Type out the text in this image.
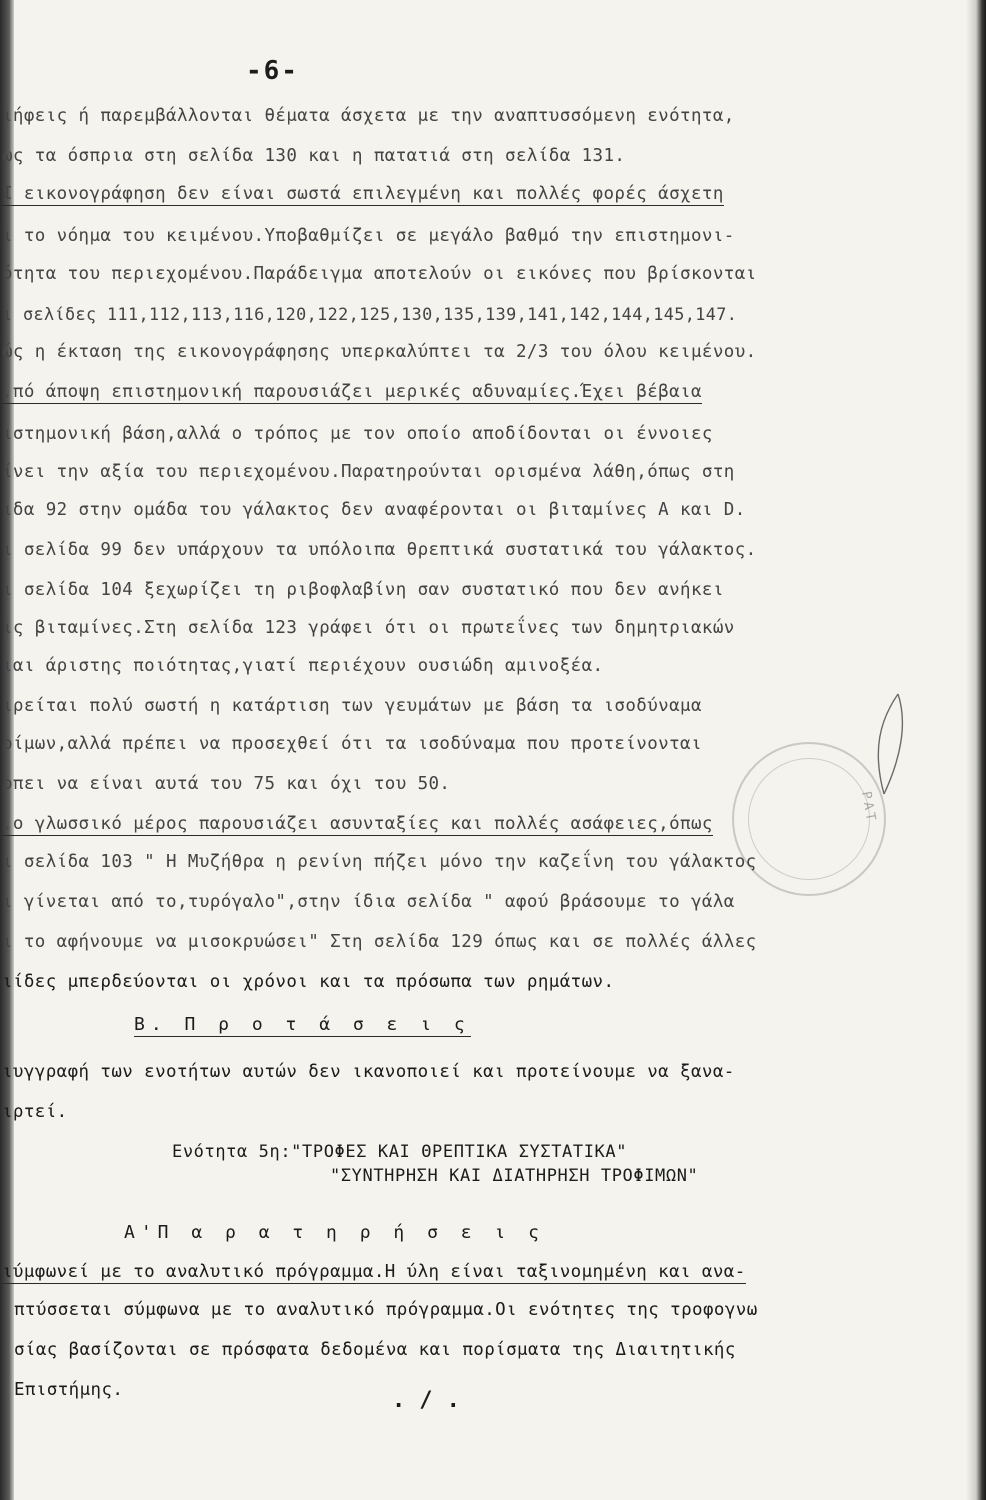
-6-
ΡΑΤ
ιήφεις ή παρεμβάλλονται θέματα άσχετα με την αναπτυσσόμενη ενότητα,
ως τα όσπρια στη σελίδα 130 και η πατατιά στη σελίδα 131.
Ι εικονογράφηση δεν είναι σωστά επιλεγμένη και πολλές φορές άσχετη
ι το νόημα του κειμένου.Υποβαθμίζει σε μεγάλο βαθμό την επιστημονι-
ότητα του περιεχομένου.Παράδειγμα αποτελούν οι εικόνες που βρίσκονται
ι σελίδες 111,112,113,116,120,122,125,130,135,139,141,142,144,145,147.
ώς η έκταση της εικονογράφησης υπερκαλύπτει τα 2/3 του όλου κειμένου.
.πό άποψη επιστημονική παρουσιάζει μερικές αδυναμίες.Έχει βέβαια
ιστημονική βάση,αλλά ο τρόπος με τον οποίο αποδίδονται οι έννοιες
ίνει την αξία του περιεχομένου.Παρατηρούνται ορισμένα λάθη,όπως στη
ιδα 92 στην ομάδα του γάλακτος δεν αναφέρονται οι βιταμίνες Α και D.
ι σελίδα 99 δεν υπάρχουν τα υπόλοιπα θρεπτικά συστατικά του γάλακτος.
ι σελίδα 104 ξεχωρίζει τη ριβοφλαβίνη σαν συστατικό που δεν ανήκει
ις βιταμίνες.Στη σελίδα 123 γράφει ότι οι πρωτεΐνες των δημητριακών
ιαι άριστης ποιότητας,γιατί περιέχουν ουσιώδη αμινοξέα.
ιρείται πολύ σωστή η κατάρτιση των γευμάτων με βάση τα ισοδύναμα
ρίμων,αλλά πρέπει να προσεχθεί ότι τα ισοδύναμα που προτείνονται
ρπει να είναι αυτά του 75 και όχι του 50.
.ο γλωσσικό μέρος παρουσιάζει ασυνταξίες και πολλές ασάφειες,όπως
ι σελίδα 103 " Η Μυζήθρα η ρενίνη πήζει μόνο την καζεΐνη του γάλακτος
ι γίνεται από το,τυρόγαλο",στην ίδια σελίδα " αφού βράσουμε το γάλα
ι το αφήνουμε να μισοκρυώσει" Στη σελίδα 129 όπως και σε πολλές άλλες
ιίδες μπερδεύονται οι χρόνοι και τα πρόσωπα των ρημάτων.
Β. Π ρ ο τ ά σ ε ι ς
ιυγγραφή των ενοτήτων αυτών δεν ικανοποιεί και προτείνουμε να ξανα-
ιρτεί.
Ενότητα 5η:"ΤΡΟΦΕΣ ΚΑΙ ΘΡΕΠΤΙΚΑ ΣΥΣΤΑΤΙΚΑ"
"ΣΥΝΤΗΡΗΣΗ ΚΑΙ ΔΙΑΤΗΡΗΣΗ ΤΡΟΦΙΜΩΝ"
Α'Π α ρ α τ η ρ ή σ ε ι ς
ιύμφωνεί με το αναλυτικό πρόγραμμα.Η ύλη είναι ταξινομημένη και ανα-
πτύσσεται σύμφωνα με το αναλυτικό πρόγραμμα.Οι ενότητες της τροφογνω
σίας βασίζονται σε πρόσφατα δεδομένα και πορίσματα της Διαιτητικής
Επιστήμης.	. / .
